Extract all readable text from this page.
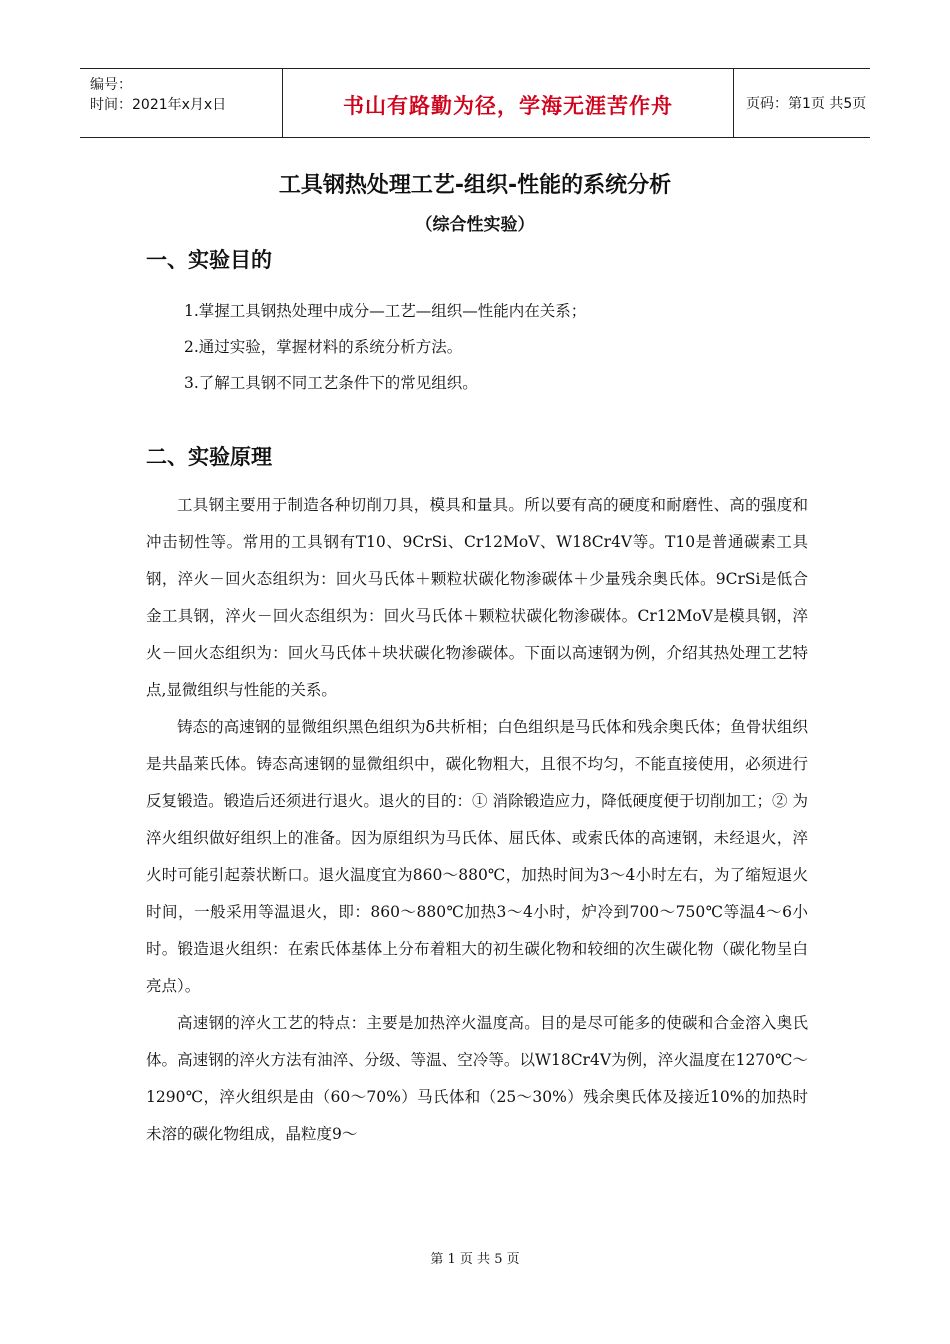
编号：
时间：2021年x月x日	书山有路勤为径，学海无涯苦作舟	页码：第1页 共5页
工具钢热处理工艺-组织-性能的系统分析
（综合性实验）
一、实验目的
1.掌握工具钢热处理中成分—工艺—组织—性能内在关系；
2.通过实验，掌握材料的系统分析方法。
3.了解工具钢不同工艺条件下的常见组织。
二、实验原理

工具钢主要用于制造各种切削刀具，模具和量具。所以要有高的硬度和耐磨性、高的强度和冲击韧性等。常用的工具钢有T10、9CrSi、Cr12MoV、W18Cr4V等。T10是普通碳素工具钢，淬火－回火态组织为：回火马氏体＋颗粒状碳化物渗碳体＋少量残余奥氏体。9CrSi是低合金工具钢，淬火－回火态组织为：回火马氏体＋颗粒状碳化物渗碳体。Cr12MoV是模具钢，淬火－回火态组织为：回火马氏体＋块状碳化物渗碳体。下面以高速钢为例，介绍其热处理工艺特点,显微组织与性能的关系。

铸态的高速钢的显微组织黑色组织为δ共析相；白色组织是马氏体和残余奥氏体；鱼骨状组织是共晶莱氏体。铸态高速钢的显微组织中，碳化物粗大，且很不均匀，不能直接使用，必须进行反复锻造。锻造后还须进行退火。退火的目的：① 消除锻造应力，降低硬度便于切削加工；② 为淬火组织做好组织上的准备。因为原组织为马氏体、屈氏体、或索氏体的高速钢，未经退火，淬火时可能引起萘状断口。退火温度宜为860～880℃，加热时间为3～4小时左右，为了缩短退火时间，一般采用等温退火，即：860～880℃加热3～4小时，炉冷到700～750℃等温4～6小时。锻造退火组织：在索氏体基体上分布着粗大的初生碳化物和较细的次生碳化物（碳化物呈白亮点）。

高速钢的淬火工艺的特点：主要是加热淬火温度高。目的是尽可能多的使碳和合金溶入奥氏体。高速钢的淬火方法有油淬、分级、等温、空冷等。以W18Cr4V为例，淬火温度在1270℃～1290℃，淬火组织是由（60～70%）马氏体和（25～30%）残余奥氏体及接近10%的加热时未溶的碳化物组成，晶粒度9～

第 1 页 共 5 页
